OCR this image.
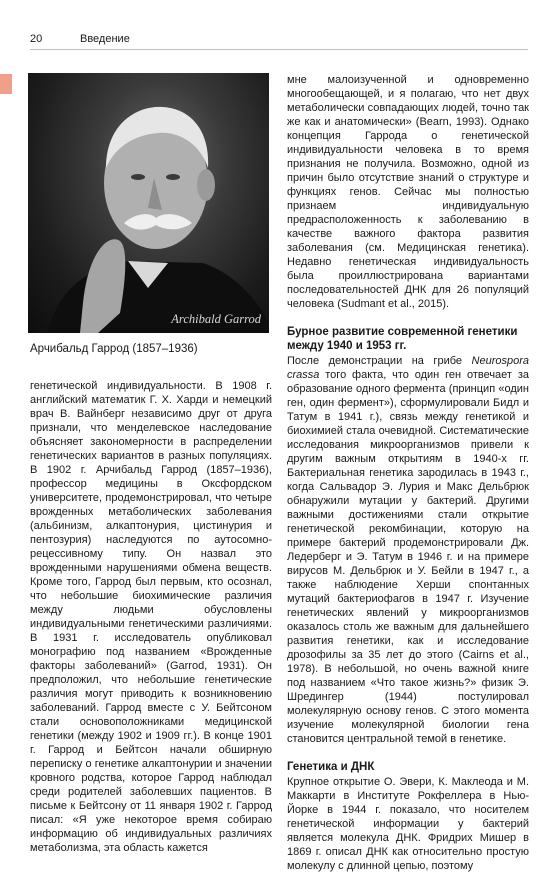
20	Введение
Archibald Garrod
Арчибальд Гаррод (1857–1936)

генетической индивидуальности. В 1908 г. английский математик Г. Х. Харди и немецкий врач В. Вайнберг независимо друг от друга признали, что менделевское наследование объясняет закономерности в распределении генетических вариантов в разных популяциях. В 1902 г. Арчибальд Гаррод (1857–1936), профессор медицины в Оксфордском университете, продемонстрировал, что четыре врожденных метаболических заболевания (альбинизм, алкаптонурия, цистинурия и пентозурия) наследуются по аутосомно-рецессивному типу. Он назвал это врожденными нарушениями обмена веществ. Кроме того, Гаррод был первым, кто осознал, что небольшие биохимические различия между людьми обусловлены индивидуальными генетическими различиями. В 1931 г. исследователь опубликовал монографию под названием «Врожденные факторы заболеваний» (Garrod, 1931). Он предположил, что небольшие генетические различия могут приводить к возникновению заболеваний. Гаррод вместе с У. Бейтсоном стали основоположниками медицинской генетики (между 1902 и 1909 гг.). В конце 1901 г. Гаррод и Бейтсон начали обширную переписку о генетике алкаптонурии и значении кровного родства, которое Гаррод наблюдал среди родителей заболевших пациентов. В письме к Бейтсону от 11 января 1902 г. Гаррод писал: «Я уже некоторое время собираю информацию об индивидуальных различиях метаболизма, эта область кажется

мне малоизученной и одновременно многообещающей, и я полагаю, что нет двух метаболически совпадающих людей, точно так же как и анатомически» (Bearn, 1993). Однако концепция Гаррода о генетической индивидуальности человека в то время признания не получила. Возможно, одной из причин было отсутствие знаний о структуре и функциях генов. Сейчас мы полностью признаем индивидуальную предрасположенность к заболеванию в качестве важного фактора развития заболевания (см. Медицинская генетика). Недавно генетическая индивидуальность была проиллюстрирована вариантами последовательностей ДНК для 26 популяций человека (Sudmant et al., 2015).

Бурное развитие современной генетики между 1940 и 1953 гг.

После демонстрации на грибе Neurospora crassa того факта, что один ген отвечает за образование одного фермента (принцип «один ген, один фермент»), сформулировали Бидл и Татум в 1941 г.), связь между генетикой и биохимией стала очевидной. Систематические исследования микроорганизмов привели к другим важным открытиям в 1940-х гг. Бактериальная генетика зародилась в 1943 г., когда Сальвадор Э. Лурия и Макс Дельбрюк обнаружили мутации у бактерий. Другими важными достижениями стали открытие генетической рекомбинации, которую на примере бактерий продемонстрировали Дж. Ледерберг и Э. Татум в 1946 г. и на примере вирусов М. Дельбрюк и У. Бейли в 1947 г., а также наблюдение Херши спонтанных мутаций бактериофагов в 1947 г. Изучение генетических явлений у микроорганизмов оказалось столь же важным для дальнейшего развития генетики, как и исследование дрозофилы за 35 лет до этого (Cairns et al., 1978). В небольшой, но очень важной книге под названием «Что такое жизнь?» физик Э. Шредингер (1944) постулировал молекулярную основу генов. С этого момента изучение молекулярной биологии гена становится центральной темой в генетике.

Генетика и ДНК

Крупное открытие О. Эвери, К. Маклеода и М. Маккарти в Институте Рокфеллера в Нью-Йорке в 1944 г. показало, что носителем генетической информации у бактерий является молекула ДНК. Фридрих Мишер в 1869 г. описал ДНК как относительно простую молекулу с длинной цепью, поэтому
